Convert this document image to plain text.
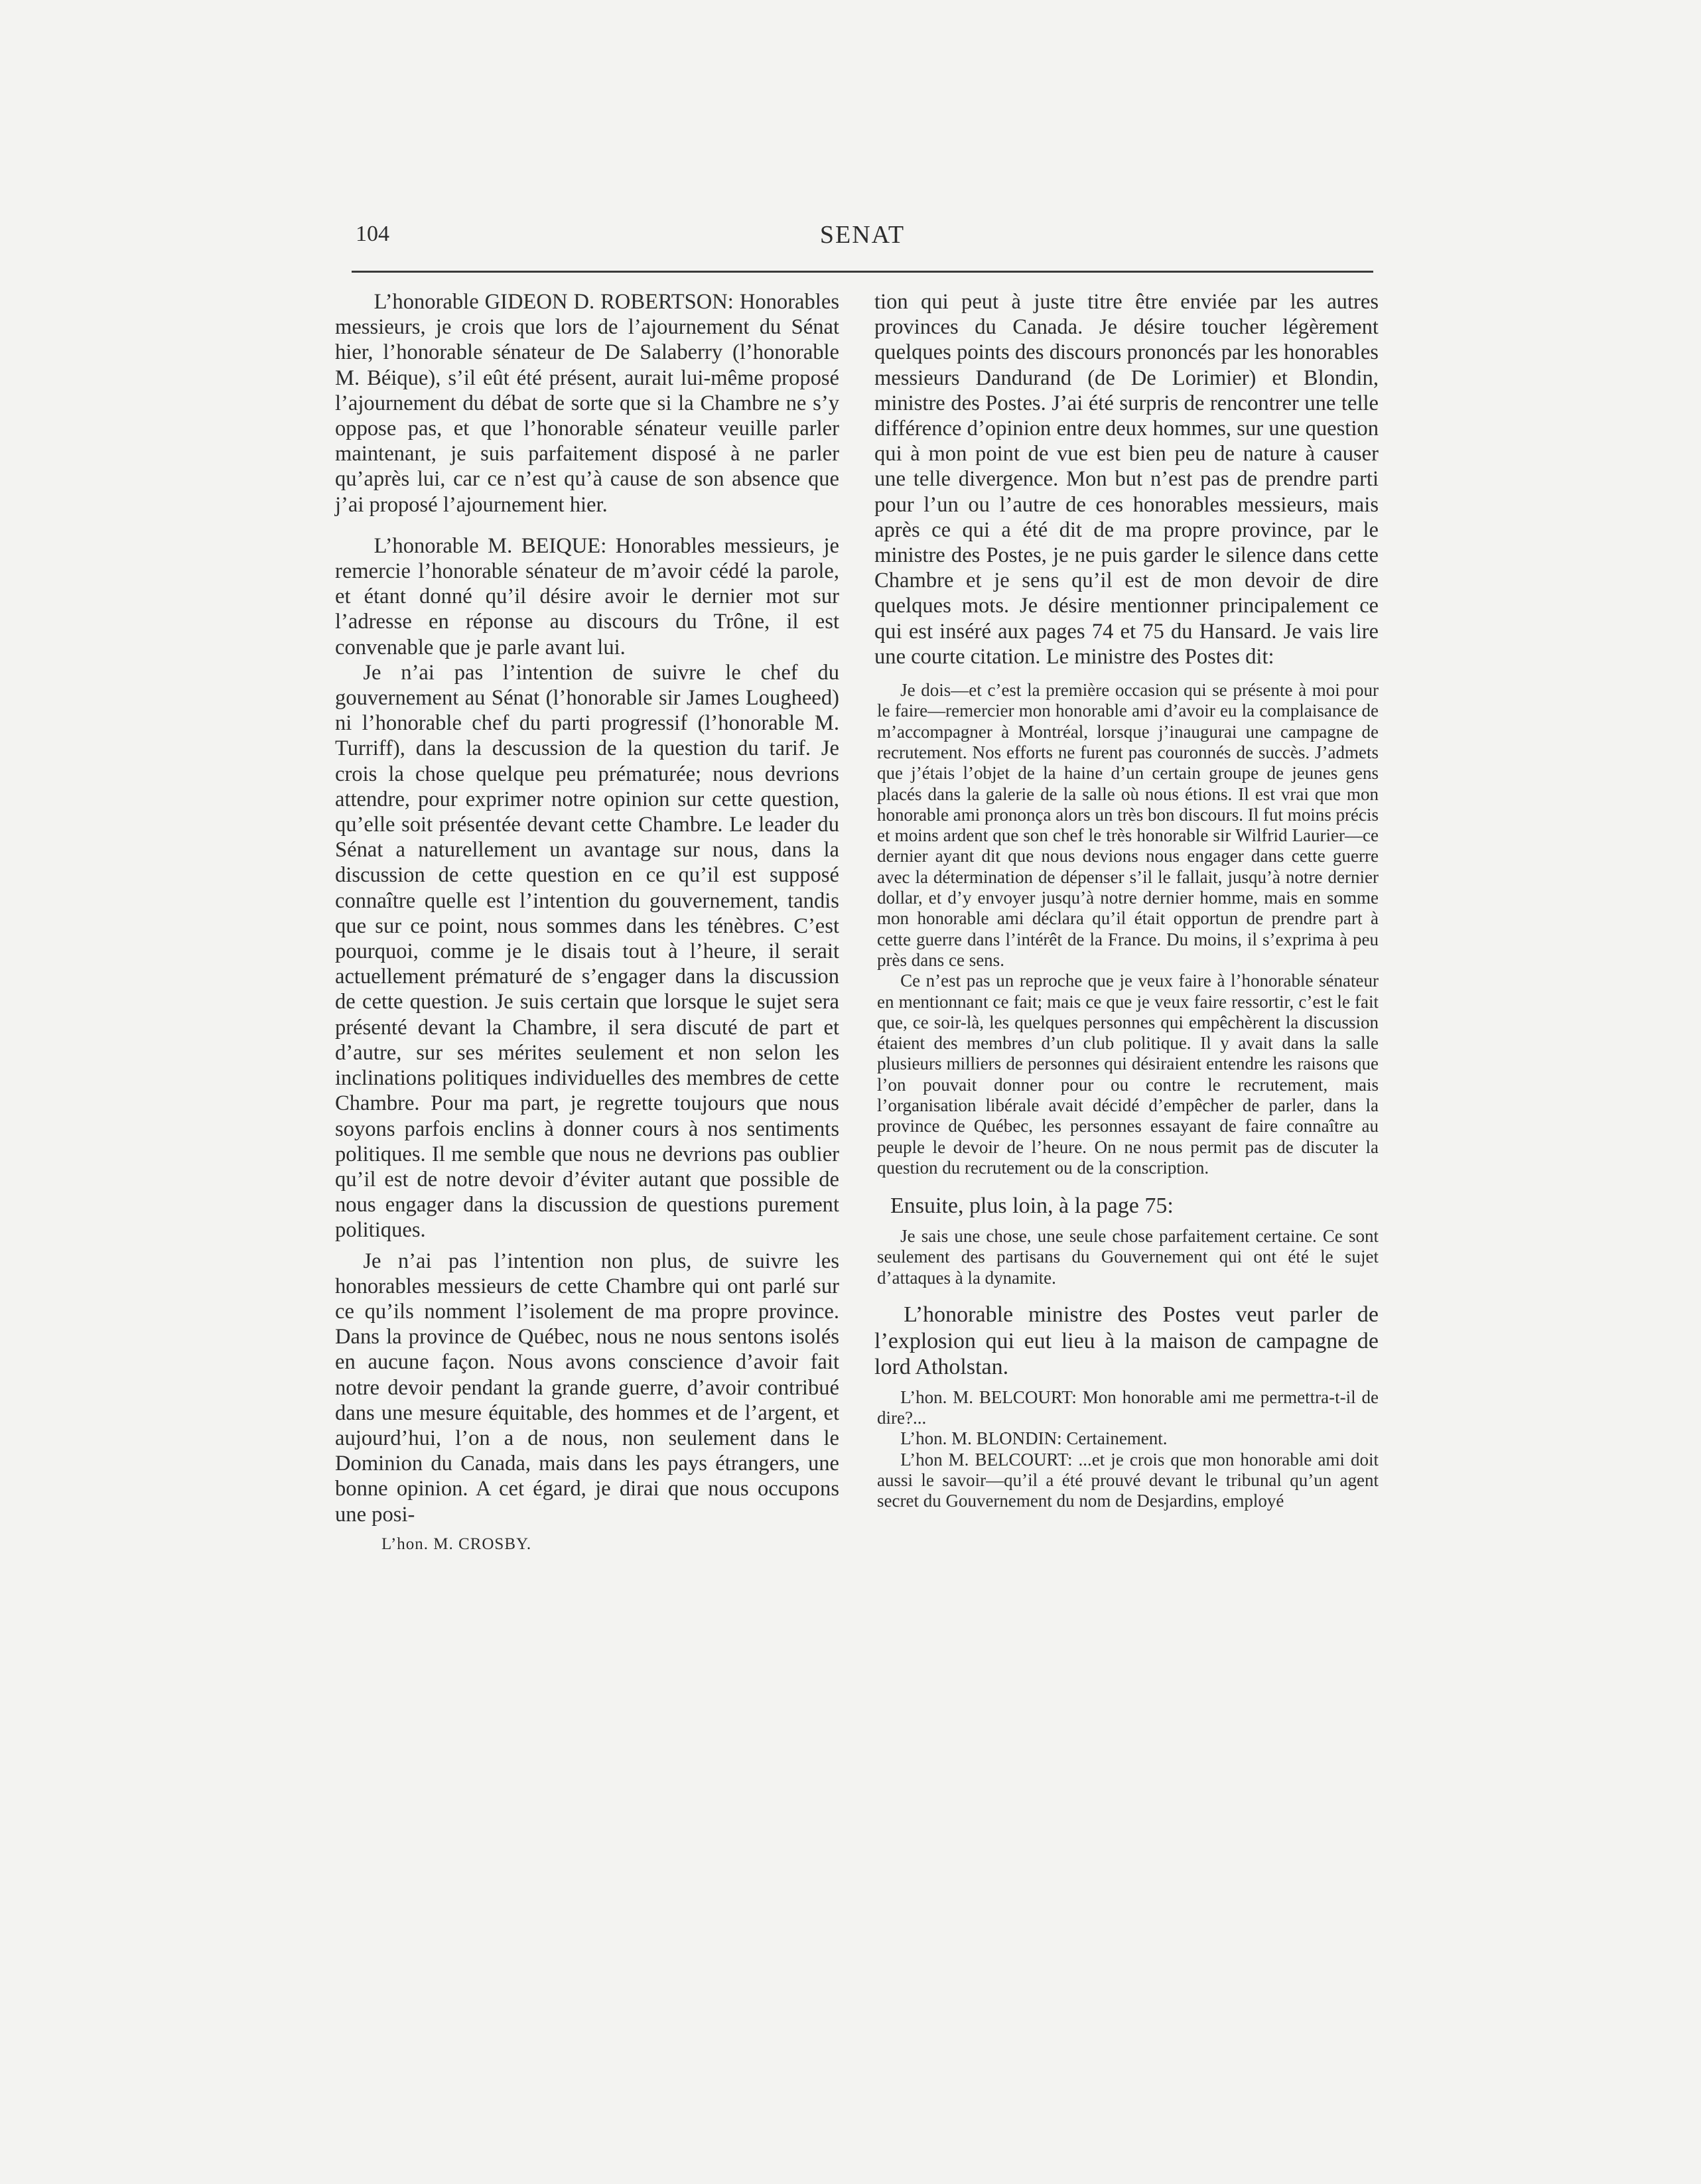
104	SENAT

L’honorable GIDEON D. ROBERTSON: Honorables messieurs, je crois que lors de l’ajournement du Sénat hier, l’honorable sénateur de De Salaberry (l’honorable M. Béique), s’il eût été présent, aurait lui-même proposé l’ajournement du débat de sorte que si la Chambre ne s’y oppose pas, et que l’honorable sénateur veuille parler maintenant, je suis parfaitement disposé à ne parler qu’après lui, car ce n’est qu’à cause de son absence que j’ai proposé l’ajournement hier.

L’honorable M. BEIQUE: Honorables messieurs, je remercie l’honorable sénateur de m’avoir cédé la parole, et étant donné qu’il désire avoir le dernier mot sur l’adresse en réponse au discours du Trône, il est convenable que je parle avant lui.

Je n’ai pas l’intention de suivre le chef du gouvernement au Sénat (l’honorable sir James Lougheed) ni l’honorable chef du parti progressif (l’honorable M. Turriff), dans la descussion de la question du tarif. Je crois la chose quelque peu prématurée; nous devrions attendre, pour exprimer notre opinion sur cette question, qu’elle soit présentée devant cette Chambre. Le leader du Sénat a naturellement un avantage sur nous, dans la discussion de cette question en ce qu’il est supposé connaître quelle est l’intention du gouvernement, tandis que sur ce point, nous sommes dans les ténèbres. C’est pourquoi, comme je le disais tout à l’heure, il serait actuellement prématuré de s’engager dans la discussion de cette question. Je suis certain que lorsque le sujet sera présenté devant la Chambre, il sera discuté de part et d’autre, sur ses mérites seulement et non selon les inclinations politiques individuelles des membres de cette Chambre. Pour ma part, je regrette toujours que nous soyons parfois enclins à donner cours à nos sentiments politiques. Il me semble que nous ne devrions pas oublier qu’il est de notre devoir d’éviter autant que possible de nous engager dans la discussion de questions purement politiques.

Je n’ai pas l’intention non plus, de suivre les honorables messieurs de cette Chambre qui ont parlé sur ce qu’ils nomment l’isolement de ma propre province. Dans la province de Québec, nous ne nous sentons isolés en aucune façon. Nous avons conscience d’avoir fait notre devoir pendant la grande guerre, d’avoir contribué dans une mesure équitable, des hommes et de l’argent, et aujourd’hui, l’on a de nous, non seulement dans le Dominion du Canada, mais dans les pays étrangers, une bonne opinion. A cet égard, je dirai que nous occupons une posi-

L’hon. M. CROSBY.

tion qui peut à juste titre être enviée par les autres provinces du Canada. Je désire toucher légèrement quelques points des discours prononcés par les honorables messieurs Dandurand (de De Lorimier) et Blondin, ministre des Postes. J’ai été surpris de rencontrer une telle différence d’opinion entre deux hommes, sur une question qui à mon point de vue est bien peu de nature à causer une telle divergence. Mon but n’est pas de prendre parti pour l’un ou l’autre de ces honorables messieurs, mais après ce qui a été dit de ma propre province, par le ministre des Postes, je ne puis garder le silence dans cette Chambre et je sens qu’il est de mon devoir de dire quelques mots. Je désire mentionner principalement ce qui est inséré aux pages 74 et 75 du Hansard. Je vais lire une courte citation. Le ministre des Postes dit:

Je dois—et c’est la première occasion qui se présente à moi pour le faire—remercier mon honorable ami d’avoir eu la complaisance de m’accompagner à Montréal, lorsque j’inaugurai une campagne de recrutement. Nos efforts ne furent pas couronnés de succès. J’admets que j’étais l’objet de la haine d’un certain groupe de jeunes gens placés dans la galerie de la salle où nous étions. Il est vrai que mon honorable ami prononça alors un très bon discours. Il fut moins précis et moins ardent que son chef le très honorable sir Wilfrid Laurier—ce dernier ayant dit que nous devions nous engager dans cette guerre avec la détermination de dépenser s’il le fallait, jusqu’à notre dernier dollar, et d’y envoyer jusqu’à notre dernier homme, mais en somme mon honorable ami déclara qu’il était opportun de prendre part à cette guerre dans l’intérêt de la France. Du moins, il s’exprima à peu près dans ce sens.

Ce n’est pas un reproche que je veux faire à l’honorable sénateur en mentionnant ce fait; mais ce que je veux faire ressortir, c’est le fait que, ce soir-là, les quelques personnes qui empêchèrent la discussion étaient des membres d’un club politique. Il y avait dans la salle plusieurs milliers de personnes qui désiraient entendre les raisons que l’on pouvait donner pour ou contre le recrutement, mais l’organisation libérale avait décidé d’empêcher de parler, dans la province de Québec, les personnes essayant de faire connaître au peuple le devoir de l’heure. On ne nous permit pas de discuter la question du recrutement ou de la conscription.

Ensuite, plus loin, à la page 75:

Je sais une chose, une seule chose parfaitement certaine. Ce sont seulement des partisans du Gouvernement qui ont été le sujet d’attaques à la dynamite.

L’honorable ministre des Postes veut parler de l’explosion qui eut lieu à la maison de campagne de lord Atholstan.

L’hon. M. BELCOURT: Mon honorable ami me permettra-t-il de dire?...

L’hon. M. BLONDIN: Certainement.

L’hon M. BELCOURT: ...et je crois que mon honorable ami doit aussi le savoir—qu’il a été prouvé devant le tribunal qu’un agent secret du Gouvernement du nom de Desjardins, employé
